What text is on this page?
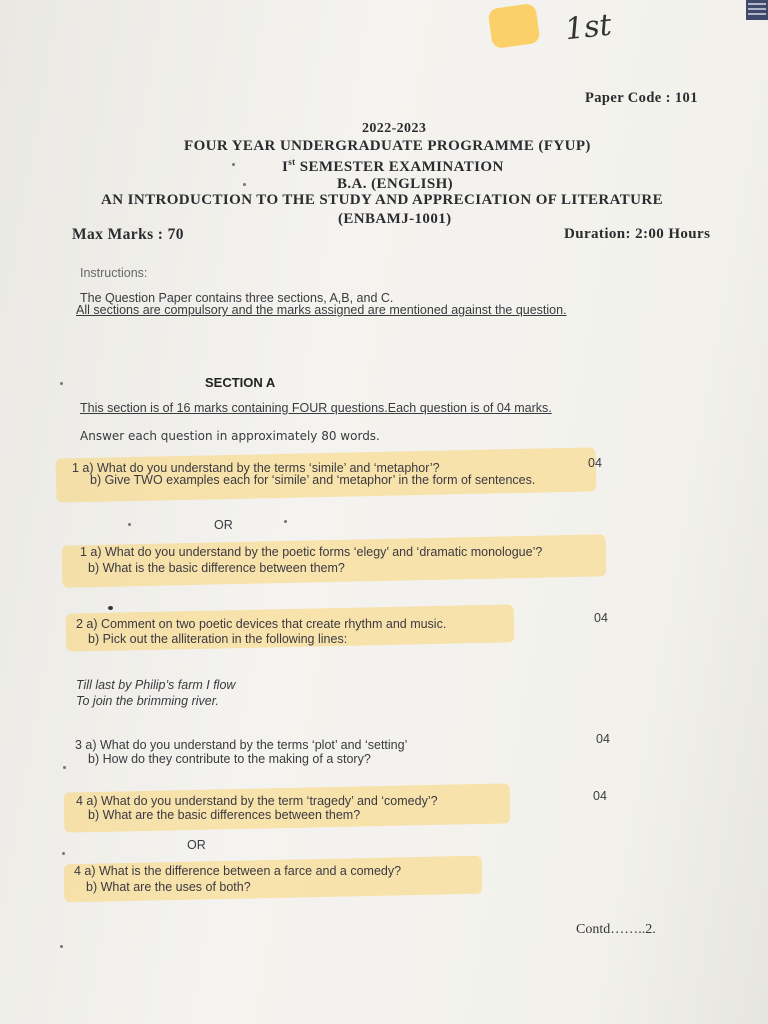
1st
Paper Code : 101
2022-2023
FOUR YEAR UNDERGRADUATE PROGRAMME (FYUP)
Ist SEMESTER EXAMINATION
B.A. (ENGLISH)
AN INTRODUCTION TO THE STUDY AND APPRECIATION OF LITERATURE
(ENBAMJ-1001)
Max Marks : 70	Duration: 2:00 Hours
Instructions:
The Question Paper contains three sections, A,B, and C.
All sections are compulsory and the marks assigned are mentioned against the question.
SECTION A
This section is of 16 marks containing FOUR questions.Each question is of 04 marks.
Answer each question in approximately 80 words.
1 a) What do you understand by the terms ‘simile’ and ‘metaphor’?
b) Give TWO examples each for ‘simile’ and ‘metaphor’ in the form of sentences.
04
OR
1 a) What do you understand by the poetic forms ‘elegy’ and ‘dramatic monologue’?
b) What is the basic difference between them?
2 a) Comment on two poetic devices that create rhythm and music.
b) Pick out the alliteration in the following lines:
04
Till last by Philip’s farm I flow
To join the brimming river.
3 a) What do you understand by the terms ‘plot’ and ‘setting’
b) How do they contribute to the making of a story?
04
4 a) What do you understand by the term ‘tragedy’ and ‘comedy’?
b) What are the basic differences between them?
04
OR
4 a) What is the difference between a farce and a comedy?
b) What are the uses of both?
Contd……..2.
